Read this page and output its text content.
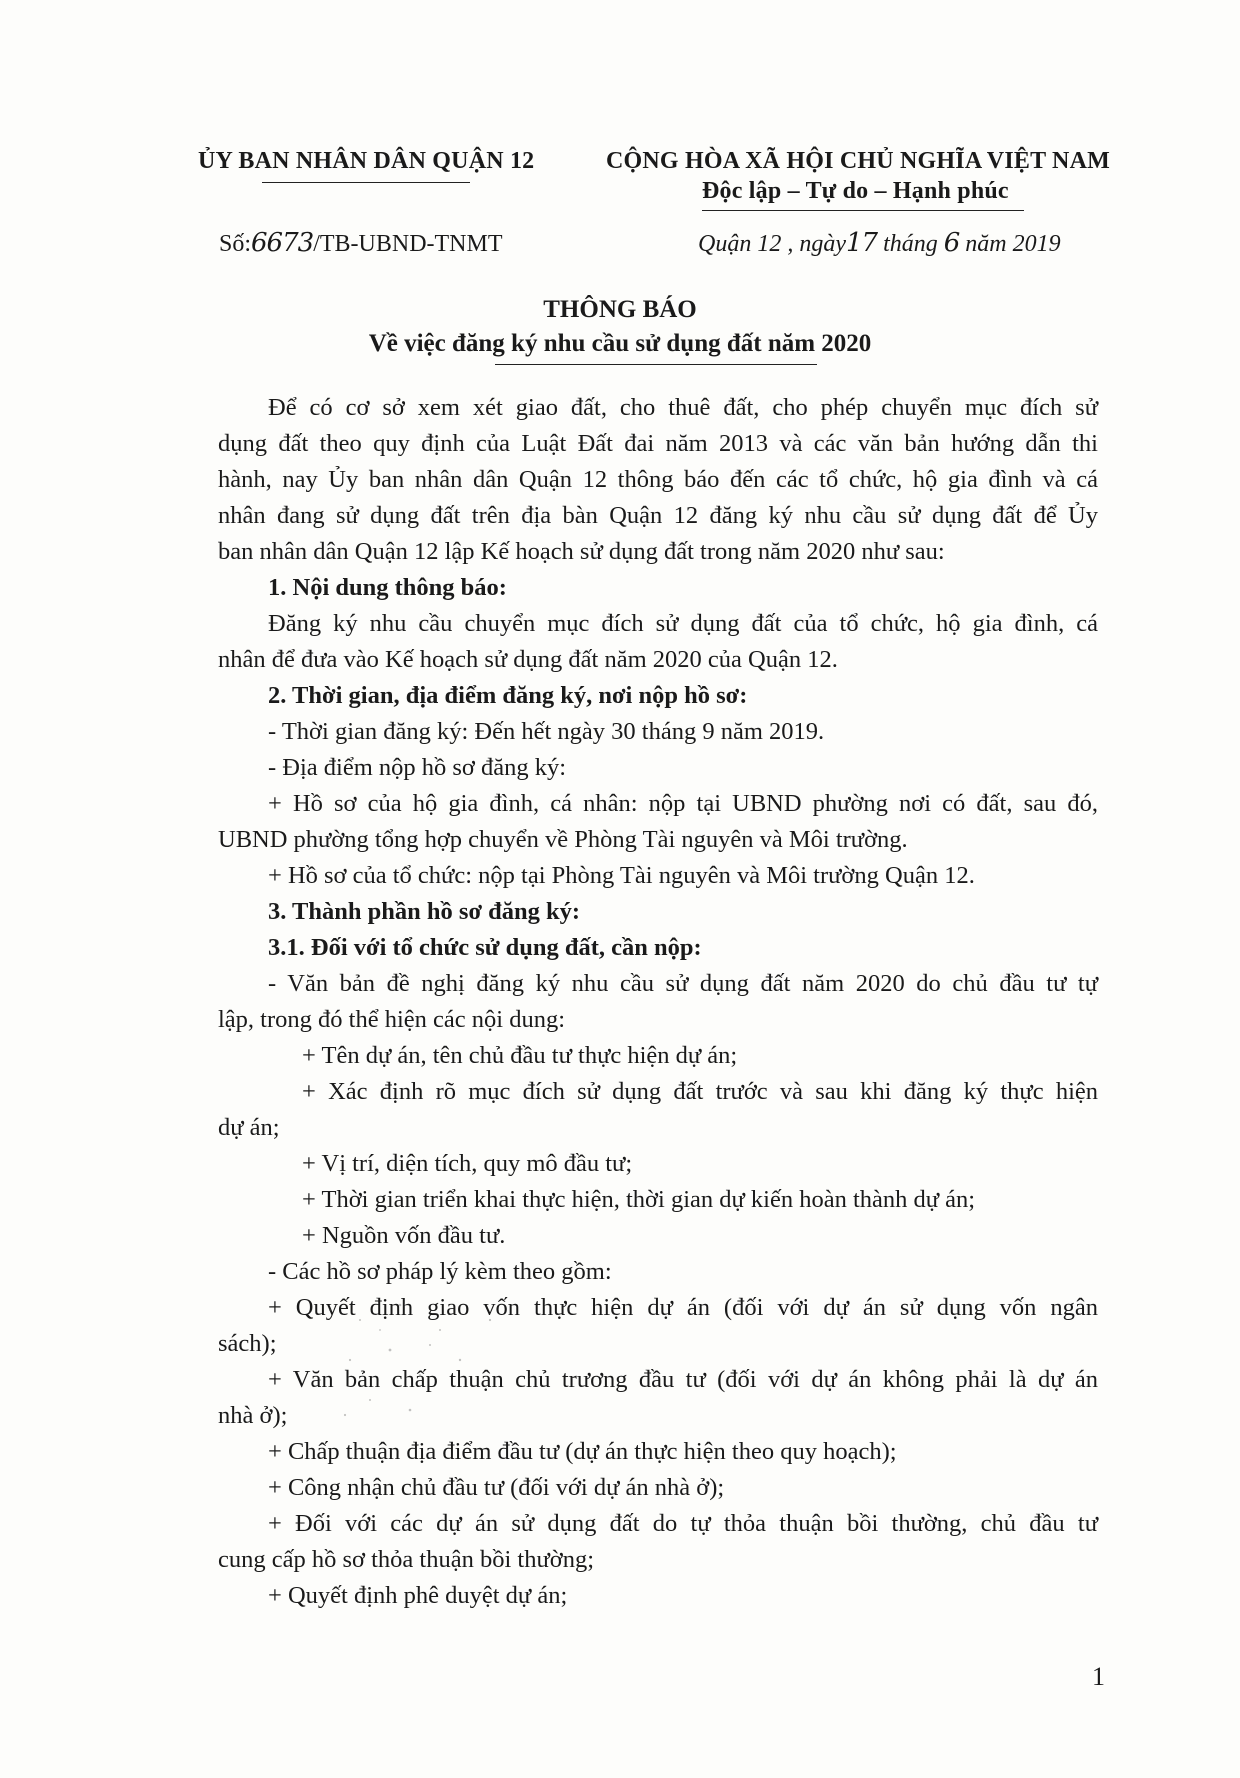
ỦY BAN NHÂN DÂN QUẬN 12	CỘNG HÒA XÃ HỘI CHỦ NGHĨA VIỆT NAM
Độc lập – Tự do – Hạnh phúc
Số:6673/TB-UBND-TNMT	Quận 12 , ngày17 tháng 6 năm 2019
THÔNG BÁO
Về việc đăng ký nhu cầu sử dụng đất năm 2020
Để có cơ sở xem xét giao đất, cho thuê đất, cho phép chuyển mục đích sử
dụng đất theo quy định của Luật Đất đai năm 2013 và các văn bản hướng dẫn thi
hành, nay Ủy ban nhân dân Quận 12 thông báo đến các tổ chức, hộ gia đình và cá
nhân đang sử dụng đất trên địa bàn Quận 12 đăng ký nhu cầu sử dụng đất để Ủy
ban nhân dân Quận 12 lập Kế hoạch sử dụng đất trong năm 2020 như sau:
1. Nội dung thông báo:
Đăng ký nhu cầu chuyển mục đích sử dụng đất của tổ chức, hộ gia đình, cá
nhân để đưa vào Kế hoạch sử dụng đất năm 2020 của Quận 12.
2. Thời gian, địa điểm đăng ký, nơi nộp hồ sơ:
- Thời gian đăng ký: Đến hết ngày 30 tháng 9 năm 2019.
- Địa điểm nộp hồ sơ đăng ký:
+ Hồ sơ của hộ gia đình, cá nhân: nộp tại UBND phường nơi có đất, sau đó,
UBND phường tổng hợp chuyển về Phòng Tài nguyên và Môi trường.
+ Hồ sơ của tổ chức: nộp tại Phòng Tài nguyên và Môi trường Quận 12.
3. Thành phần hồ sơ đăng ký:
3.1. Đối với tổ chức sử dụng đất, cần nộp:
- Văn bản đề nghị đăng ký nhu cầu sử dụng đất năm 2020 do chủ đầu tư tự
lập, trong đó thể hiện các nội dung:
+ Tên dự án, tên chủ đầu tư thực hiện dự án;
+ Xác định rõ mục đích sử dụng đất trước và sau khi đăng ký thực hiện
dự án;
+ Vị trí, diện tích, quy mô đầu tư;
+ Thời gian triển khai thực hiện, thời gian dự kiến hoàn thành dự án;
+ Nguồn vốn đầu tư.
- Các hồ sơ pháp lý kèm theo gồm:
+ Quyết định giao vốn thực hiện dự án (đối với dự án sử dụng vốn ngân
sách);
+ Văn bản chấp thuận chủ trương đầu tư (đối với dự án không phải là dự án
nhà ở);
+ Chấp thuận địa điểm đầu tư (dự án thực hiện theo quy hoạch);
+ Công nhận chủ đầu tư (đối với dự án nhà ở);
+ Đối với các dự án sử dụng đất do tự thỏa thuận bồi thường, chủ đầu tư
cung cấp hồ sơ thỏa thuận bồi thường;
+ Quyết định phê duyệt dự án;
1
